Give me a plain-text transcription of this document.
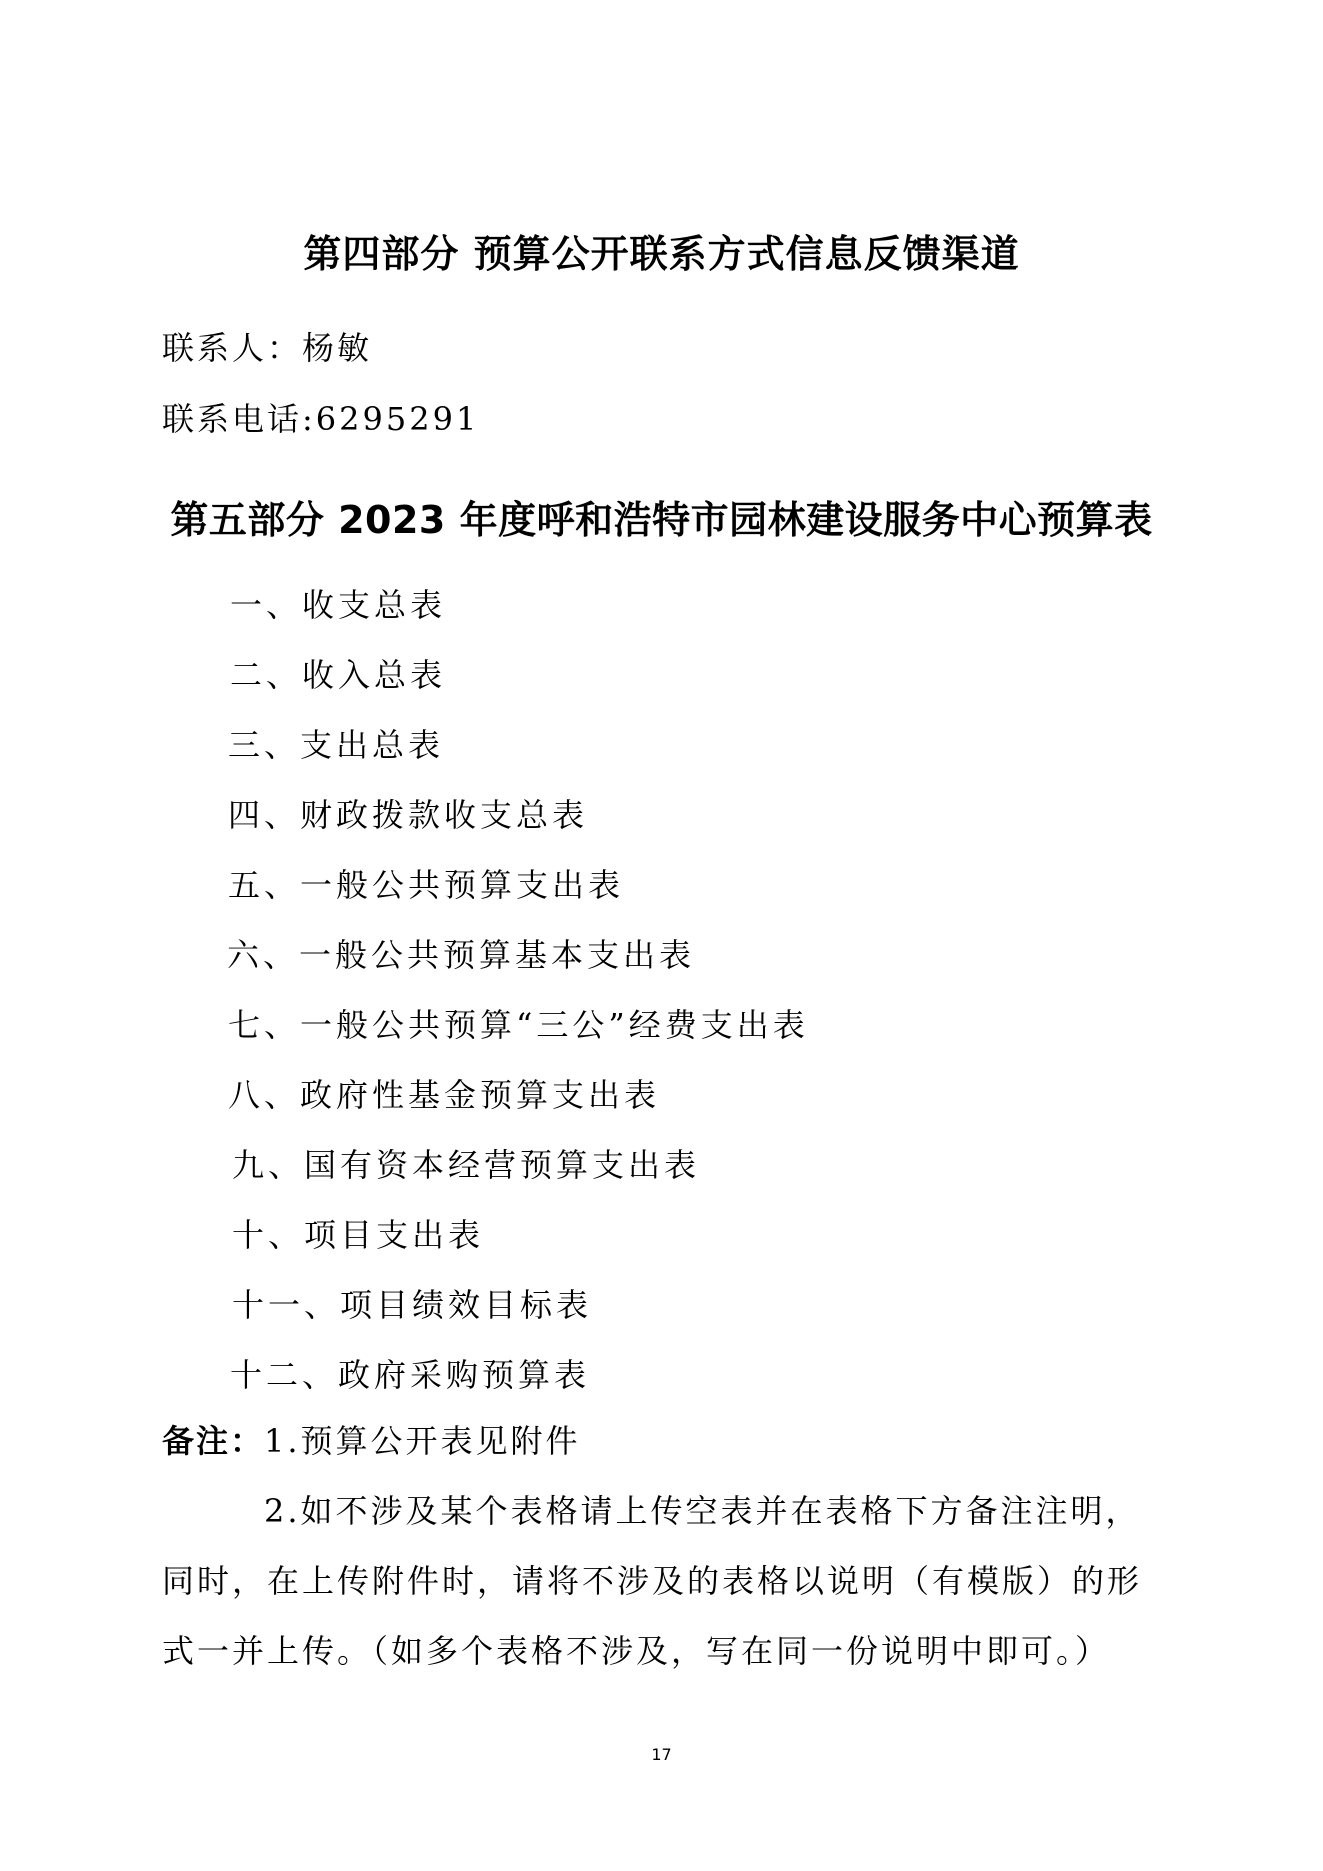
第四部分 预算公开联系方式信息反馈渠道
联系人：杨敏
联系电话:6295291
第五部分 2023 年度呼和浩特市园林建设服务中心预算表
一、收支总表
二、收入总表
三、支出总表
四、财政拨款收支总表
五、一般公共预算支出表
六、一般公共预算基本支出表
七、一般公共预算“三公”经费支出表
八、政府性基金预算支出表
九、国有资本经营预算支出表
十、项目支出表
十一、项目绩效目标表
十二、政府采购预算表
备注：1.预算公开表见附件
2.如不涉及某个表格请上传空表并在表格下方备注注明，
同时，在上传附件时，请将不涉及的表格以说明（有模版）的形
式一并上传。（如多个表格不涉及，写在同一份说明中即可。）
17
